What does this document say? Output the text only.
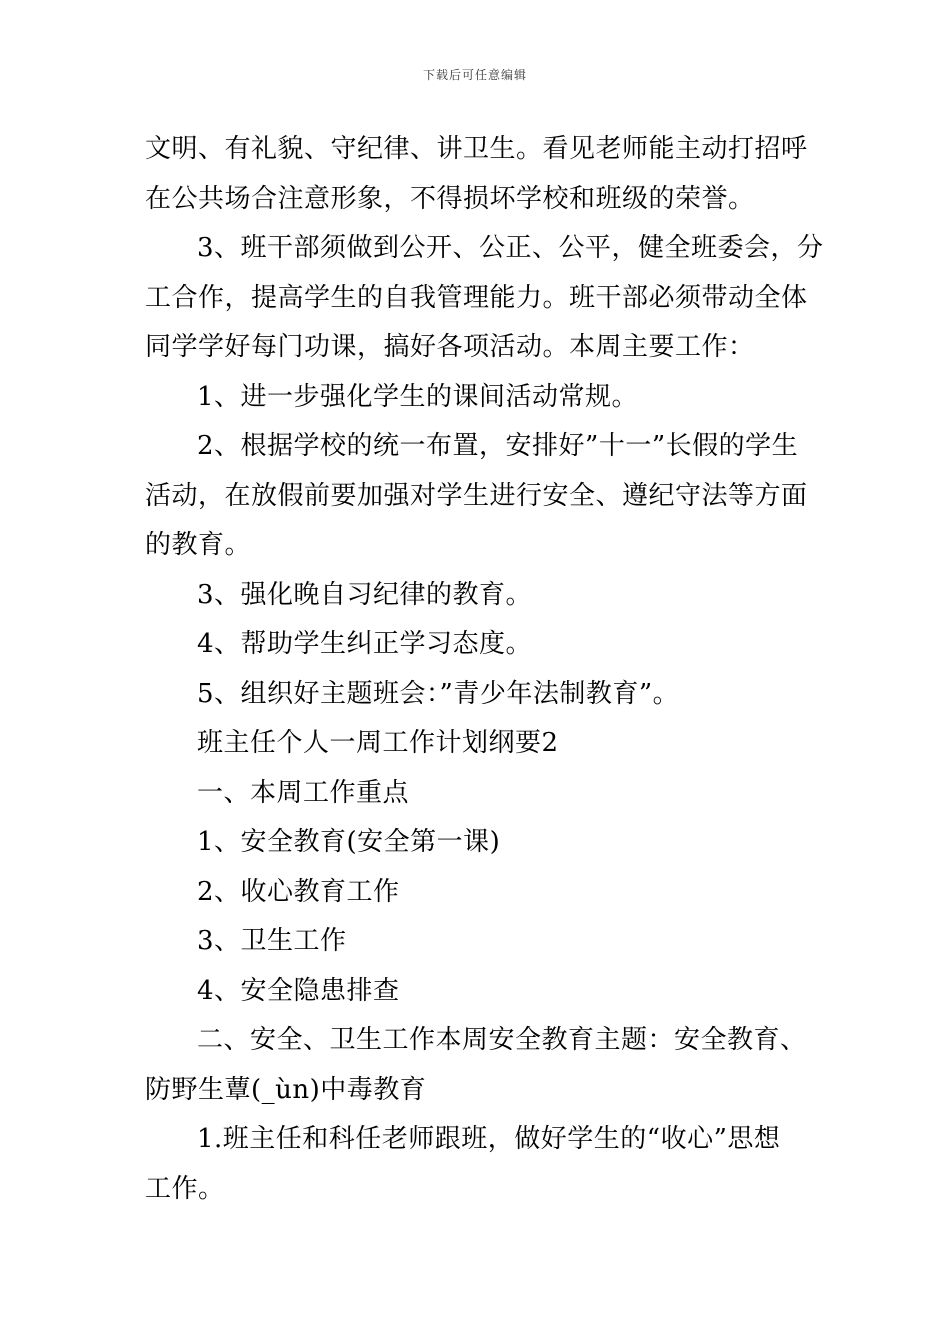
下载后可任意编辑
文明、有礼貌、守纪律、讲卫生。看见老师能主动打招呼
在公共场合注意形象，不得损坏学校和班级的荣誉。
3、班干部须做到公开、公正、公平，健全班委会，分
工合作，提高学生的自我管理能力。班干部必须带动全体
同学学好每门功课，搞好各项活动。本周主要工作：
1、进一步强化学生的课间活动常规。
2、根据学校的统一布置，安排好”十一”长假的学生
活动，在放假前要加强对学生进行安全、遵纪守法等方面
的教育。
3、强化晚自习纪律的教育。
4、帮助学生纠正学习态度。
5、组织好主题班会：”青少年法制教育”。
班主任个人一周工作计划纲要2
一、本周工作重点
1、安全教育(安全第一课)
2、收心教育工作
3、卫生工作
4、安全隐患排查
二、安全、卫生工作本周安全教育主题：安全教育、
防野生蕈(_ùn)中毒教育
1.班主任和科任老师跟班，做好学生的“收心”思想
工作。
